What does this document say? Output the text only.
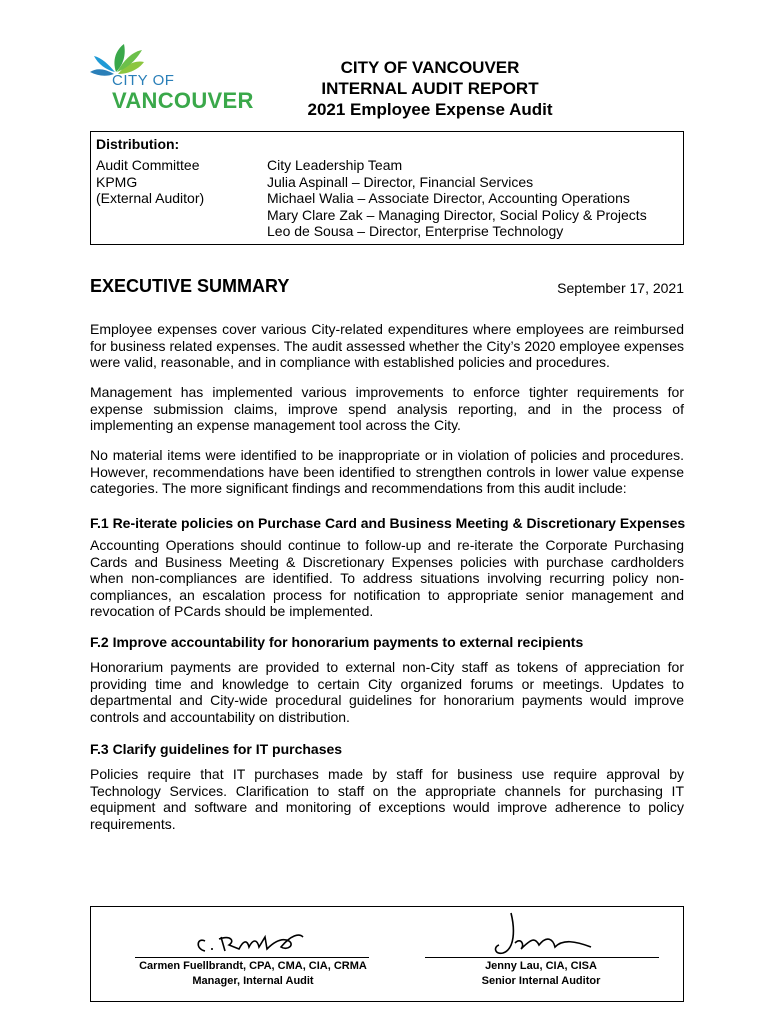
CITY OF
VANCOUVER
CITY OF VANCOUVER
INTERNAL AUDIT REPORT
2021 Employee Expense Audit
Distribution:
Audit Committee
KPMG
(External Auditor)
City Leadership Team
Julia Aspinall – Director, Financial Services
Michael Walia – Associate Director, Accounting Operations
Mary Clare Zak – Managing Director, Social Policy & Projects
Leo de Sousa – Director, Enterprise Technology
EXECUTIVE SUMMARY	September 17, 2021
Employee expenses cover various City-related expenditures where employees are reimbursed for business related expenses. The audit assessed whether the City’s 2020 employee expenses were valid, reasonable, and in compliance with established policies and procedures.
Management has implemented various improvements to enforce tighter requirements for expense submission claims, improve spend analysis reporting, and in the process of implementing an expense management tool across the City.
No material items were identified to be inappropriate or in violation of policies and procedures. However, recommendations have been identified to strengthen controls in lower value expense categories. The more significant findings and recommendations from this audit include:
F.1 Re-iterate policies on Purchase Card and Business Meeting & Discretionary Expenses
Accounting Operations should continue to follow-up and re-iterate the Corporate Purchasing Cards and Business Meeting & Discretionary Expenses policies with purchase cardholders when non-compliances are identified. To address situations involving recurring policy non-compliances, an escalation process for notification to appropriate senior management and revocation of PCards should be implemented.
F.2 Improve accountability for honorarium payments to external recipients
Honorarium payments are provided to external non-City staff as tokens of appreciation for providing time and knowledge to certain City organized forums or meetings. Updates to departmental and City-wide procedural guidelines for honorarium payments would improve controls and accountability on distribution.
F.3 Clarify guidelines for IT purchases
Policies require that IT purchases made by staff for business use require approval by Technology Services. Clarification to staff on the appropriate channels for purchasing IT equipment and software and monitoring of exceptions would improve adherence to policy requirements.
Carmen Fuellbrandt, CPA, CMA, CIA, CRMA
Manager, Internal Audit
Jenny Lau, CIA, CISA
Senior Internal Auditor
